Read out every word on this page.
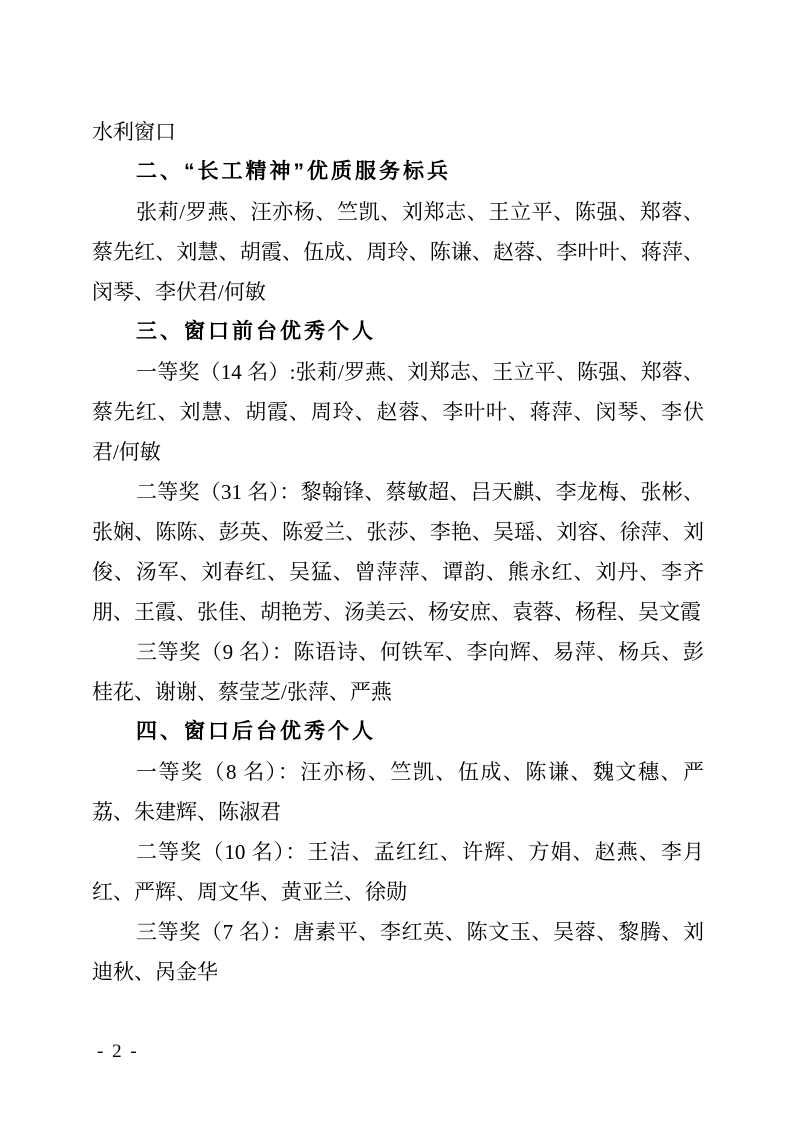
水利窗口

二、“长工精神”优质服务标兵

张莉/罗燕、汪亦杨、竺凯、刘郑志、王立平、陈强、郑蓉、蔡先红、刘慧、胡霞、伍成、周玲、陈谦、赵蓉、李叶叶、蒋萍、闵琴、李伏君/何敏

三、窗口前台优秀个人

一等奖（14 名）:张莉/罗燕、刘郑志、王立平、陈强、郑蓉、蔡先红、刘慧、胡霞、周玲、赵蓉、李叶叶、蒋萍、闵琴、李伏君/何敏

二等奖（31 名）：黎翰锋、蔡敏超、吕天麒、李龙梅、张彬、张娴、陈陈、彭英、陈爱兰、张莎、李艳、吴瑶、刘容、徐萍、刘俊、汤军、刘春红、吴猛、曾萍萍、谭韵、熊永红、刘丹、李齐朋、王霞、张佳、胡艳芳、汤美云、杨安庶、袁蓉、杨程、吴文霞

三等奖（9 名）：陈语诗、何铁军、李向辉、易萍、杨兵、彭桂花、谢谢、蔡莹芝/张萍、严燕

四、窗口后台优秀个人

一等奖（8 名）：汪亦杨、竺凯、伍成、陈谦、魏文穗、严荔、朱建辉、陈淑君

二等奖（10 名）：王洁、孟红红、许辉、方娟、赵燕、李月红、严辉、周文华、黄亚兰、徐勋

三等奖（7 名）：唐素平、李红英、陈文玉、吴蓉、黎腾、刘迪秋、呙金华

- 2 -
